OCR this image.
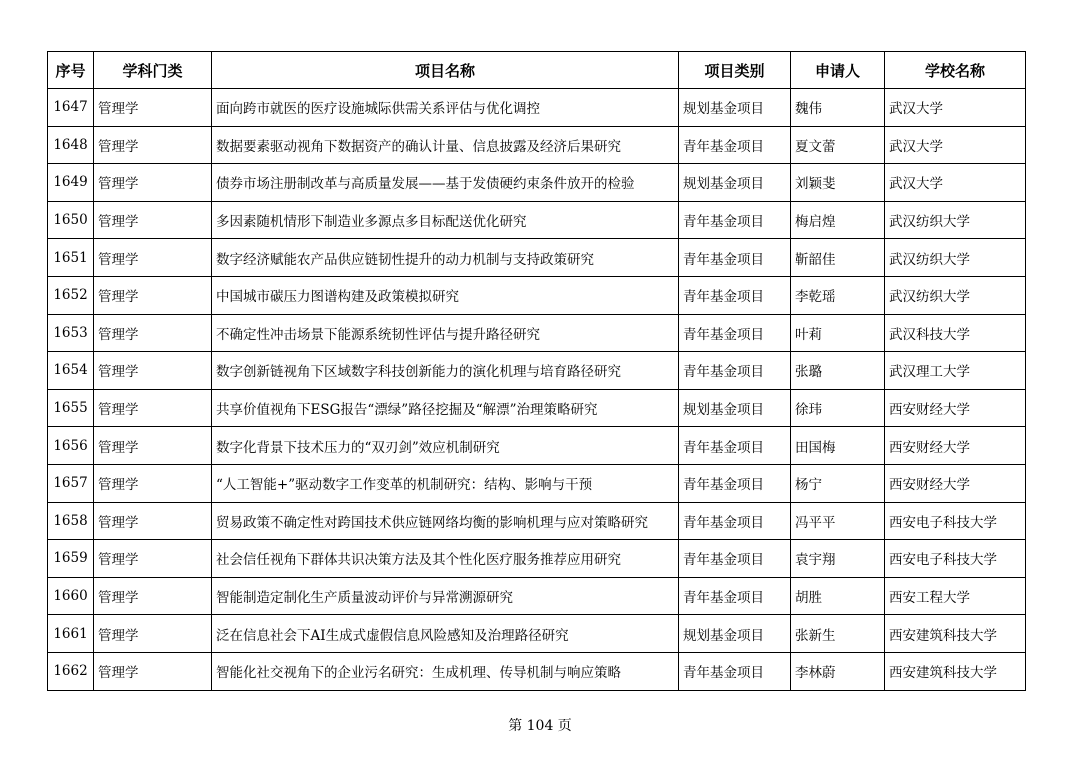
序号	学科门类	项目名称	项目类别	申请人	学校名称
1647	管理学	面向跨市就医的医疗设施城际供需关系评估与优化调控	规划基金项目	魏伟	武汉大学
1648	管理学	数据要素驱动视角下数据资产的确认计量、信息披露及经济后果研究	青年基金项目	夏文蕾	武汉大学
1649	管理学	债券市场注册制改革与高质量发展——基于发债硬约束条件放开的检验	规划基金项目	刘颖斐	武汉大学
1650	管理学	多因素随机情形下制造业多源点多目标配送优化研究	青年基金项目	梅启煌	武汉纺织大学
1651	管理学	数字经济赋能农产品供应链韧性提升的动力机制与支持政策研究	青年基金项目	靳韶佳	武汉纺织大学
1652	管理学	中国城市碳压力图谱构建及政策模拟研究	青年基金项目	李乾瑶	武汉纺织大学
1653	管理学	不确定性冲击场景下能源系统韧性评估与提升路径研究	青年基金项目	叶莉	武汉科技大学
1654	管理学	数字创新链视角下区域数字科技创新能力的演化机理与培育路径研究	青年基金项目	张璐	武汉理工大学
1655	管理学	共享价值视角下ESG报告“漂绿”路径挖掘及“解漂”治理策略研究	规划基金项目	徐玮	西安财经大学
1656	管理学	数字化背景下技术压力的“双刃剑”效应机制研究	青年基金项目	田国梅	西安财经大学
1657	管理学	“人工智能+”驱动数字工作变革的机制研究：结构、影响与干预	青年基金项目	杨宁	西安财经大学
1658	管理学	贸易政策不确定性对跨国技术供应链网络均衡的影响机理与应对策略研究	青年基金项目	冯平平	西安电子科技大学
1659	管理学	社会信任视角下群体共识决策方法及其个性化医疗服务推荐应用研究	青年基金项目	袁宇翔	西安电子科技大学
1660	管理学	智能制造定制化生产质量波动评价与异常溯源研究	青年基金项目	胡胜	西安工程大学
1661	管理学	泛在信息社会下AI生成式虚假信息风险感知及治理路径研究	规划基金项目	张新生	西安建筑科技大学
1662	管理学	智能化社交视角下的企业污名研究：生成机理、传导机制与响应策略	青年基金项目	李林蔚	西安建筑科技大学
第 104 页
